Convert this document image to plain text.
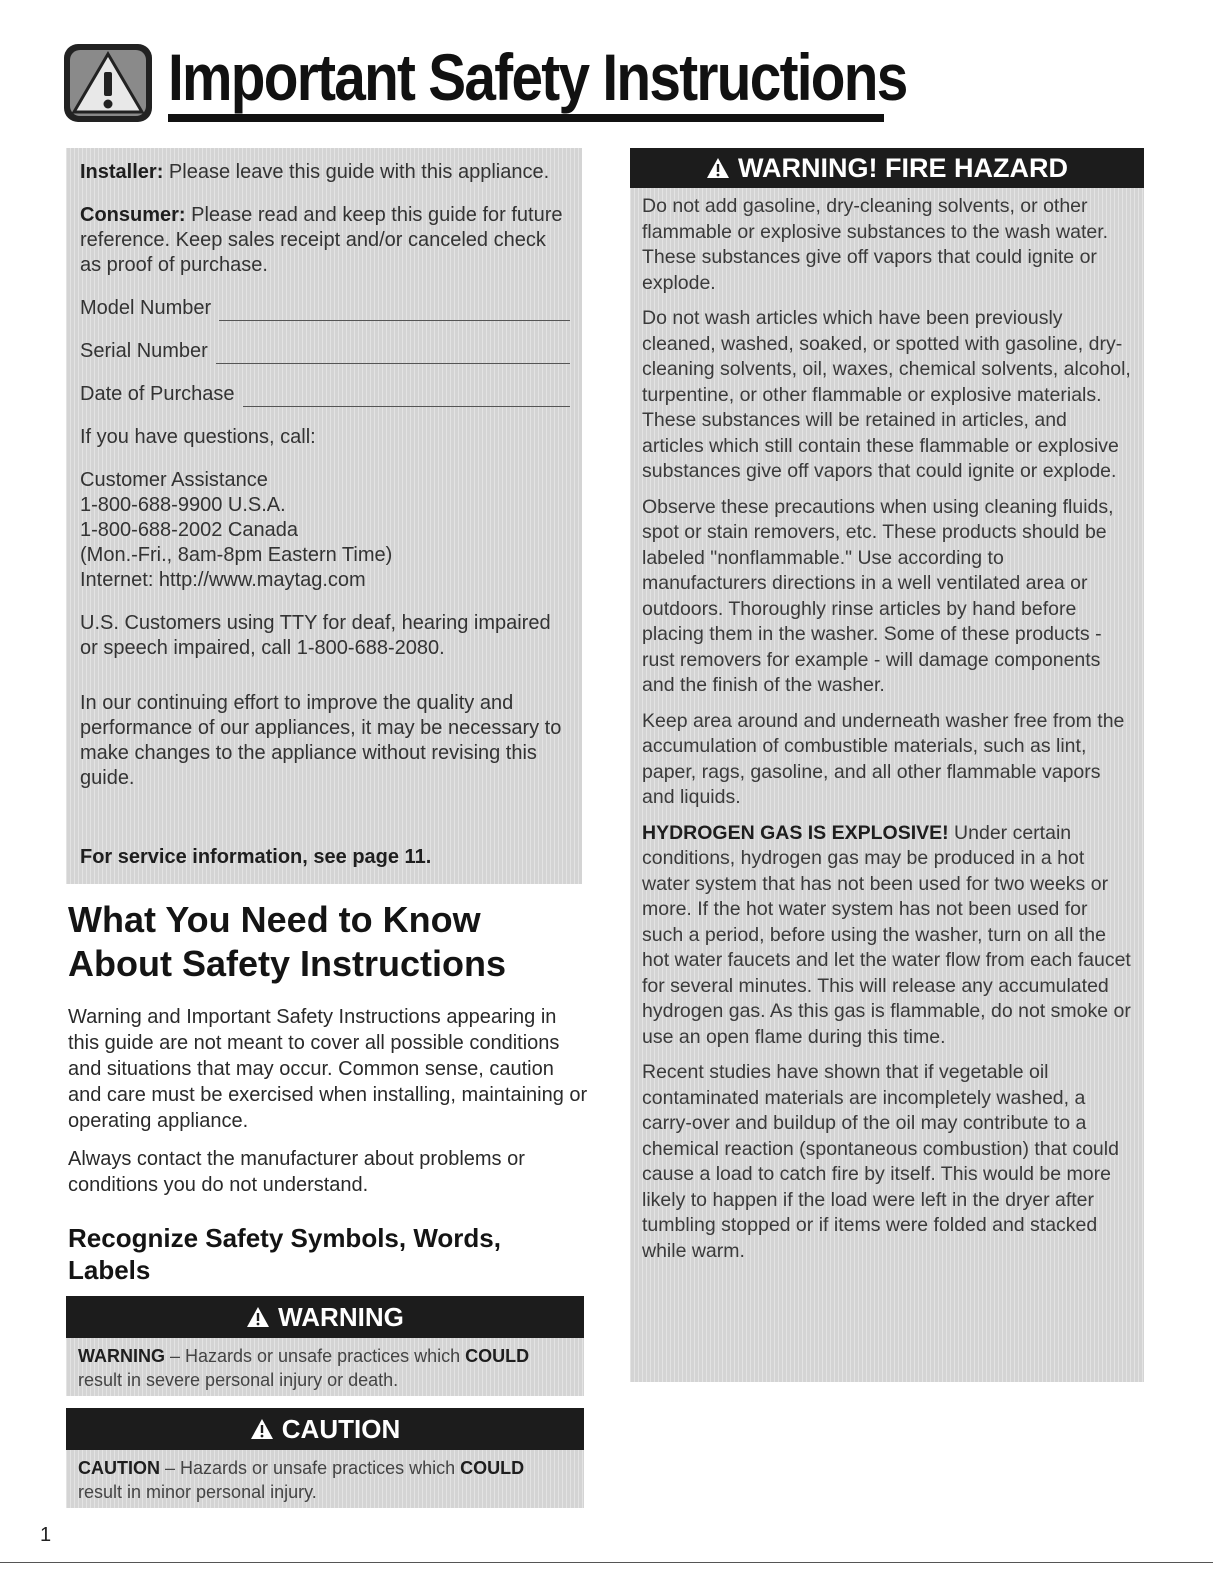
Important Safety Instructions

Installer: Please leave this guide with this appliance.

Consumer: Please read and keep this guide for future reference. Keep sales receipt and/or canceled check as proof of purchase.

Model Number
Serial Number
Date of Purchase

If you have questions, call:

Customer Assistance

1-800-688-9900 U.S.A.

1-800-688-2002 Canada

(Mon.-Fri., 8am-8pm Eastern Time)

Internet: http://www.maytag.com

U.S. Customers using TTY for deaf, hearing impaired or speech impaired, call 1-800-688-2080.

In our continuing effort to improve the quality and performance of our appliances, it may be necessary to make changes to the appliance without revising this guide.

For service information, see page 11.
What You Need to Know About Safety Instructions

Warning and Important Safety Instructions appearing in this guide are not meant to cover all possible conditions and situations that may occur. Common sense, caution and care must be exercised when installing, maintaining or operating appliance.

Always contact the manufacturer about problems or conditions you do not understand.

Recognize Safety Symbols, Words, Labels
WARNING
WARNING – Hazards or unsafe practices which COULD result in severe personal injury or death.
CAUTION
CAUTION – Hazards or unsafe practices which COULD result in minor personal injury.
WARNING! FIRE HAZARD

Do not add gasoline, dry-cleaning solvents, or other flammable or explosive substances to the wash water. These substances give off vapors that could ignite or explode.

Do not wash articles which have been previously cleaned, washed, soaked, or spotted with gasoline, dry-cleaning solvents, oil, waxes, chemical solvents, alcohol, turpentine, or other flammable or explosive materials. These substances will be retained in articles, and articles which still contain these flammable or explosive substances give off vapors that could ignite or explode.

Observe these precautions when using cleaning fluids, spot or stain removers, etc. These products should be labeled "nonflammable." Use according to manufacturers directions in a well ventilated area or outdoors. Thoroughly rinse articles by hand before placing them in the washer. Some of these products - rust removers for example - will damage components and the finish of the washer.

Keep area around and underneath washer free from the accumulation of combustible materials, such as lint, paper, rags, gasoline, and all other flammable vapors and liquids.

HYDROGEN GAS IS EXPLOSIVE! Under certain conditions, hydrogen gas may be produced in a hot water system that has not been used for two weeks or more. If the hot water system has not been used for such a period, before using the washer, turn on all the hot water faucets and let the water flow from each faucet for several minutes. This will release any accumulated hydrogen gas. As this gas is flammable, do not smoke or use an open flame during this time.

Recent studies have shown that if vegetable oil contaminated materials are incompletely washed, a carry-over and buildup of the oil may contribute to a chemical reaction (spontaneous combustion) that could cause a load to catch fire by itself. This would be more likely to happen if the load were left in the dryer after tumbling stopped or if items were folded and stacked while warm.

1
